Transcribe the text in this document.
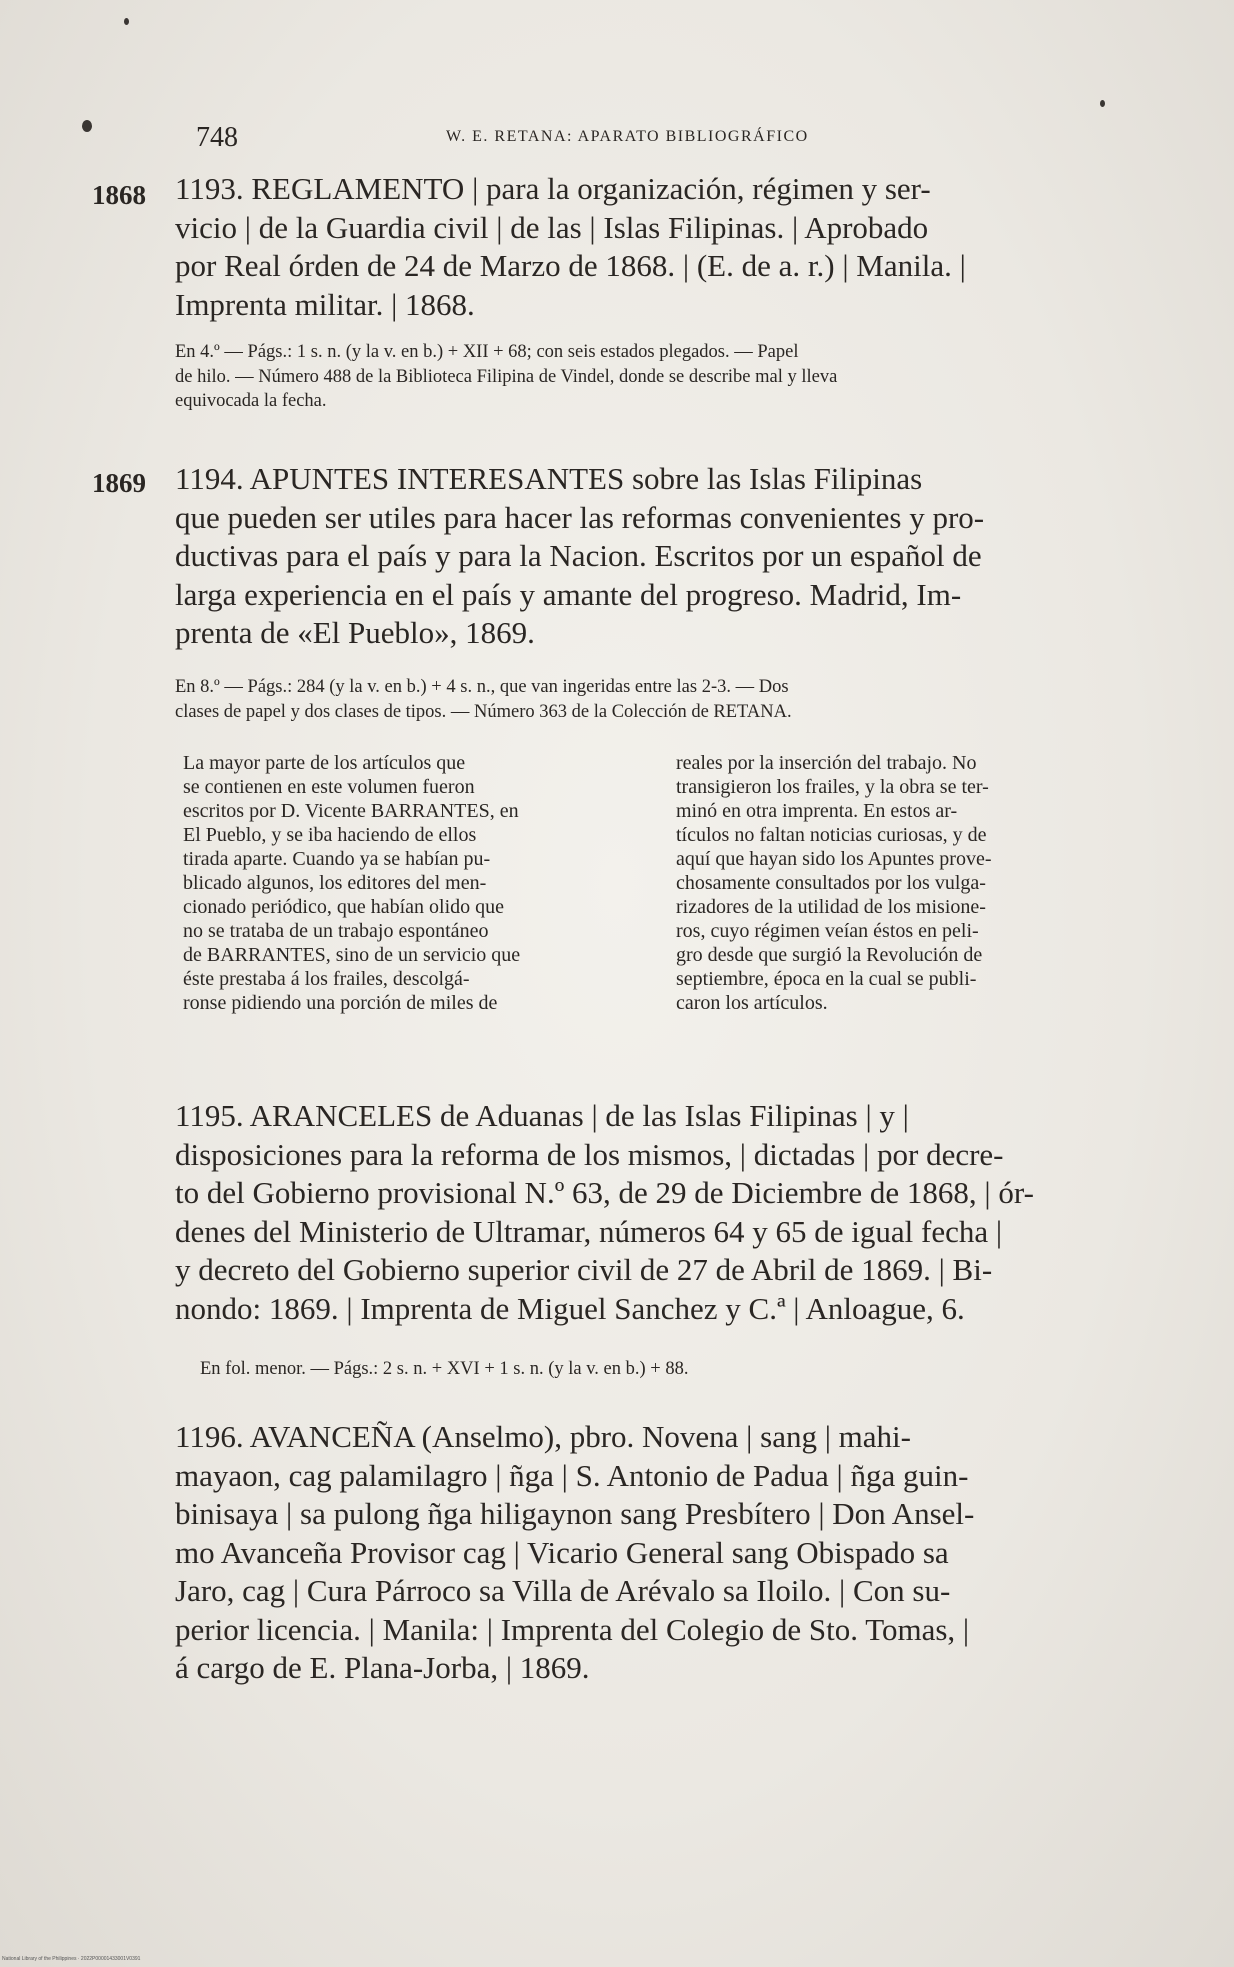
748	W. E. RETANA: APARATO BIBLIOGRÁFICO
1868 1193. REGLAMENTO | para la organización, régimen y ser-
vicio | de la Guardia civil | de las | Islas Filipinas. | Aprobado
por Real órden de 24 de Marzo de 1868. | (E. de a. r.) | Manila. |
Imprenta militar. | 1868.
En 4.º — Págs.: 1 s. n. (y la v. en b.) + XII + 68; con seis estados plegados. — Papel
de hilo. — Número 488 de la Biblioteca Filipina de Vindel, donde se describe mal y lleva
equivocada la fecha.
1869 1194. APUNTES INTERESANTES sobre las Islas Filipinas
que pueden ser utiles para hacer las reformas convenientes y pro-
ductivas para el país y para la Nacion. Escritos por un español de
larga experiencia en el país y amante del progreso. Madrid, Im-
prenta de «El Pueblo», 1869.
En 8.º — Págs.: 284 (y la v. en b.) + 4 s. n., que van ingeridas entre las 2-3. — Dos
clases de papel y dos clases de tipos. — Número 363 de la Colección de RETANA.
La mayor parte de los artículos que
se contienen en este volumen fueron
escritos por D. Vicente BARRANTES, en
El Pueblo, y se iba haciendo de ellos
tirada aparte. Cuando ya se habían pu-
blicado algunos, los editores del men-
cionado periódico, que habían olido que
no se trataba de un trabajo espontáneo
de BARRANTES, sino de un servicio que
éste prestaba á los frailes, descolgá-
ronse pidiendo una porción de miles de
reales por la inserción del trabajo. No
transigieron los frailes, y la obra se ter-
minó en otra imprenta. En estos ar-
tículos no faltan noticias curiosas, y de
aquí que hayan sido los Apuntes prove-
chosamente consultados por los vulga-
rizadores de la utilidad de los misione-
ros, cuyo régimen veían éstos en peli-
gro desde que surgió la Revolución de
septiembre, época en la cual se publi-
caron los artículos.
1195. ARANCELES de Aduanas | de las Islas Filipinas | y |
disposiciones para la reforma de los mismos, | dictadas | por decre-
to del Gobierno provisional N.º 63, de 29 de Diciembre de 1868, | ór-
denes del Ministerio de Ultramar, números 64 y 65 de igual fecha |
y decreto del Gobierno superior civil de 27 de Abril de 1869. | Bi-
nondo: 1869. | Imprenta de Miguel Sanchez y C.ª | Anloague, 6.
En fol. menor. — Págs.: 2 s. n. + XVI + 1 s. n. (y la v. en b.) + 88.
1196. AVANCEÑA (Anselmo), pbro. Novena | sang | mahi-
mayaon, cag palamilagro | ñga | S. Antonio de Padua | ñga guin-
binisaya | sa pulong ñga hiligaynon sang Presbítero | Don Ansel-
mo Avanceña Provisor cag | Vicario General sang Obispado sa
Jaro, cag | Cura Párroco sa Villa de Arévalo sa Iloilo. | Con su-
perior licencia. | Manila: | Imprenta del Colegio de Sto. Tomas, |
á cargo de E. Plana-Jorba, | 1869.
National Library of the Philippines · 2022P00001433001V0391
